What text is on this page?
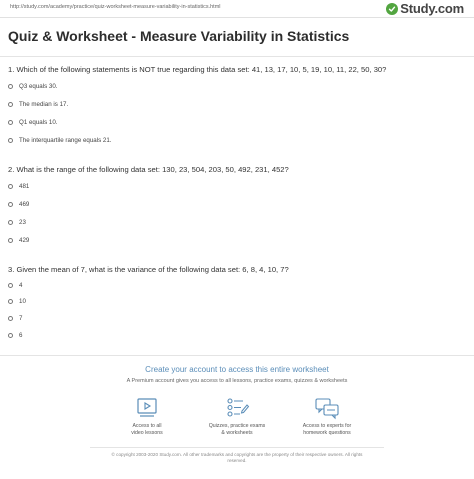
http://study.com/academy/practice/quiz-worksheet-measure-variability-in-statistics.html	Study.com
Quiz & Worksheet - Measure Variability in Statistics
1. Which of the following statements is NOT true regarding this data set: 41, 13, 17, 10, 5, 19, 10, 11, 22, 50, 30?
Q3 equals 30.
The median is 17.
Q1 equals 10.
The interquartile range equals 21.
2. What is the range of the following data set: 130, 23, 504, 203, 50, 492, 231, 452?
481
469
23
429
3. Given the mean of 7, what is the variance of the following data set: 6, 8, 4, 10, 7?
4
10
7
6
Create your account to access this entire worksheet
A Premium account gives you access to all lessons, practice exams, quizzes & worksheets
Access to all
video lessons
Quizzes, practice exams
& worksheets
Access to experts for
homework questions
© copyright 2003-2020 Study.com. All other trademarks and copyrights are the property of their respective owners. All rights
reserved.
